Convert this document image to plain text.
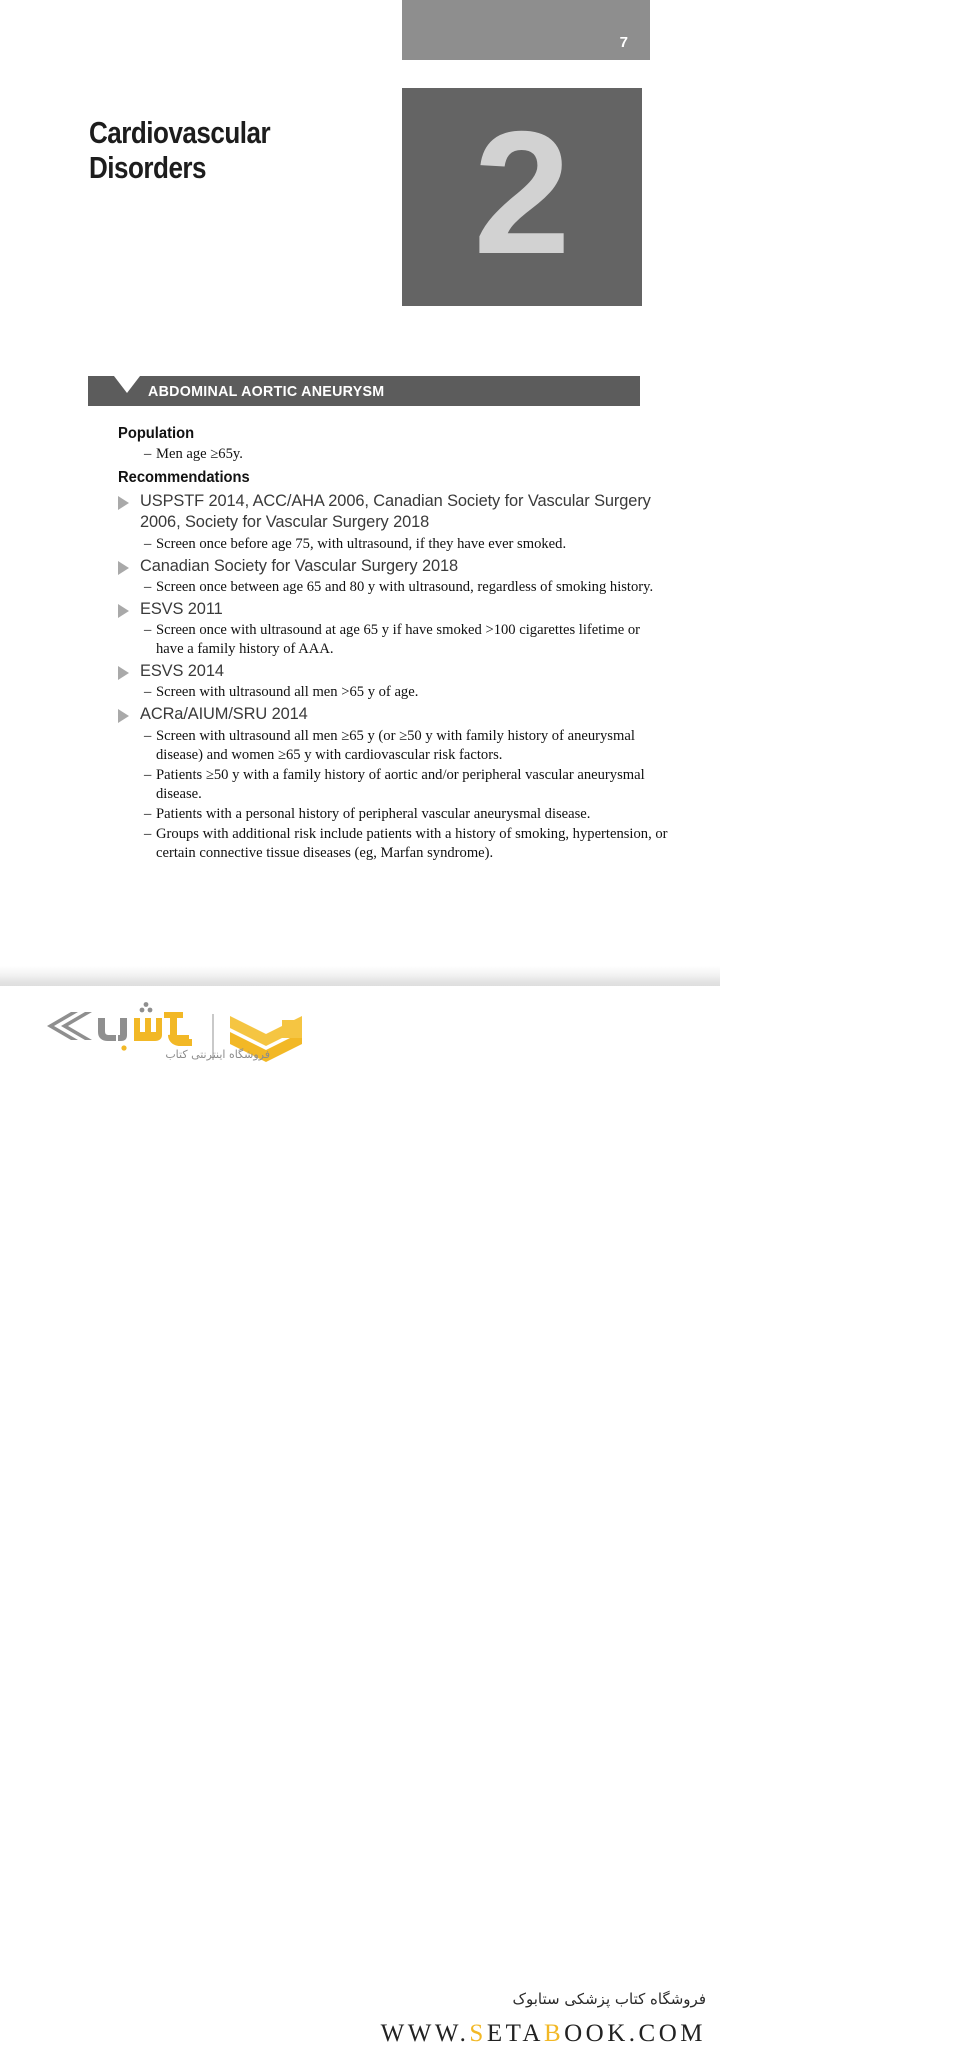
7
2
Cardiovascular
Disorders
ABDOMINAL AORTIC ANEURYSM
Population
– Men age ≥65y.
Recommendations
USPSTF 2014, ACC/AHA 2006, Canadian Society for Vascular Surgery 2006, Society for Vascular Surgery 2018
– Screen once before age 75, with ultrasound, if they have ever smoked.
Canadian Society for Vascular Surgery 2018
– Screen once between age 65 and 80 y with ultrasound, regardless of smoking history.
ESVS 2011
– Screen once with ultrasound at age 65 y if have smoked >100 cigarettes lifetime or have a family history of AAA.
ESVS 2014
– Screen with ultrasound all men >65 y of age.
ACRa/AIUM/SRU 2014
– Screen with ultrasound all men ≥65 y (or ≥50 y with family history of aneurysmal disease) and women ≥65 y with cardiovascular risk factors.
– Patients ≥50 y with a family history of aortic and/or peripheral vascular aneurysmal disease.
– Patients with a personal history of peripheral vascular aneurysmal disease.
– Groups with additional risk include patients with a history of smoking, hypertension, or certain connective tissue diseases (eg, Marfan syndrome).
فروشگاه اینترنتی كتاب
فروشگاه كتاب پزشکی ستابوک
WWW.SETABOOK.COM
